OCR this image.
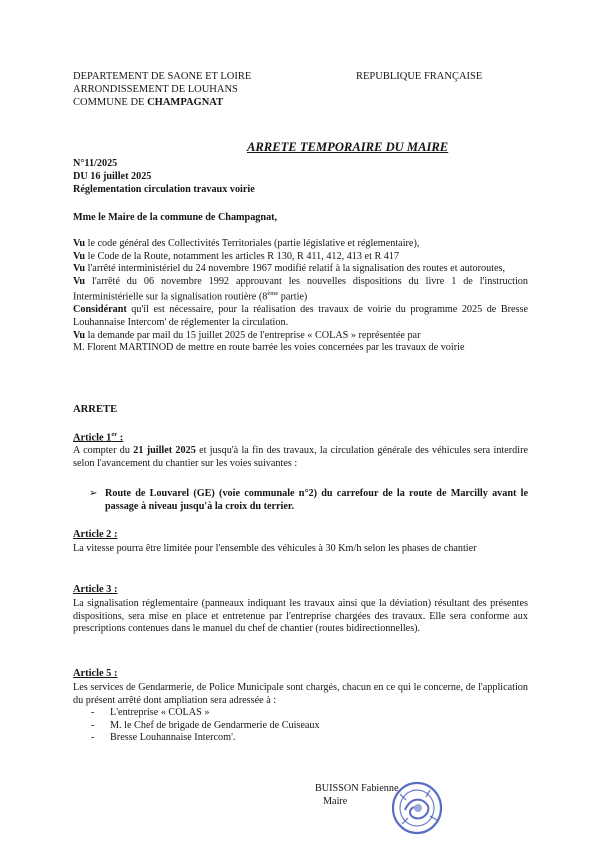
DEPARTEMENT DE SAONE ET LOIRE
ARRONDISSEMENT DE LOUHANS
COMMUNE DE CHAMPAGNAT
REPUBLIQUE FRANÇAISE
ARRETE TEMPORAIRE DU MAIRE
N°11/2025
DU 16 juillet 2025
Réglementation circulation travaux voirie
Mme le Maire de la commune de Champagnat,

Vu le code général des Collectivités Territoriales (partie législative et réglementaire),

Vu le Code de la Route, notamment les articles R 130, R 411, 412, 413 et R 417

Vu l'arrêté interministériel du 24 novembre 1967 modifié relatif à la signalisation des routes et autoroutes,

Vu l'arrêté du 06 novembre 1992 approuvant les nouvelles dispositions du livre 1 de l'instruction Interministérielle sur la signalisation routière (8ème partie)

Considérant qu'il est nécessaire, pour la réalisation des travaux de voirie du programme 2025 de Bresse Louhannaise Intercom' de réglementer la circulation.

Vu la demande par mail du 15 juillet 2025 de l'entreprise « COLAS » représentée par

M. Florent MARTINOD de mettre en route barrée les voies concernées par les travaux de voirie

ARRETE
Article 1er :

A compter du 21 juillet 2025 et jusqu'à la fin des travaux, la circulation générale des véhicules sera interdire selon l'avancement du chantier sur les voies suivantes :

➢ Route de Louvarel (GE) (voie communale n°2) du carrefour de la route de Marcilly avant le passage à niveau jusqu'à la croix du terrier.
Article 2 :
La vitesse pourra être limitée pour l'ensemble des véhicules à 30 Km/h selon les phases de chantier
Article 3 :
La signalisation réglementaire (panneaux indiquant les travaux ainsi que la déviation) résultant des présentes dispositions, sera mise en place et entretenue par l'entreprise chargées des travaux. Elle sera conforme aux prescriptions contenues dans le manuel du chef de chantier (routes bidirectionnelles).
Article 5 :

Les services de Gendarmerie, de Police Municipale sont chargés, chacun en ce qui le concerne, de l'application du présent arrêté dont ampliation sera adressée à :

- L'entreprise « COLAS »
- M. le Chef de brigade de Gendarmerie de Cuiseaux
- Bresse Louhannaise Intercom'.
BUISSON Fabienne
Maire
